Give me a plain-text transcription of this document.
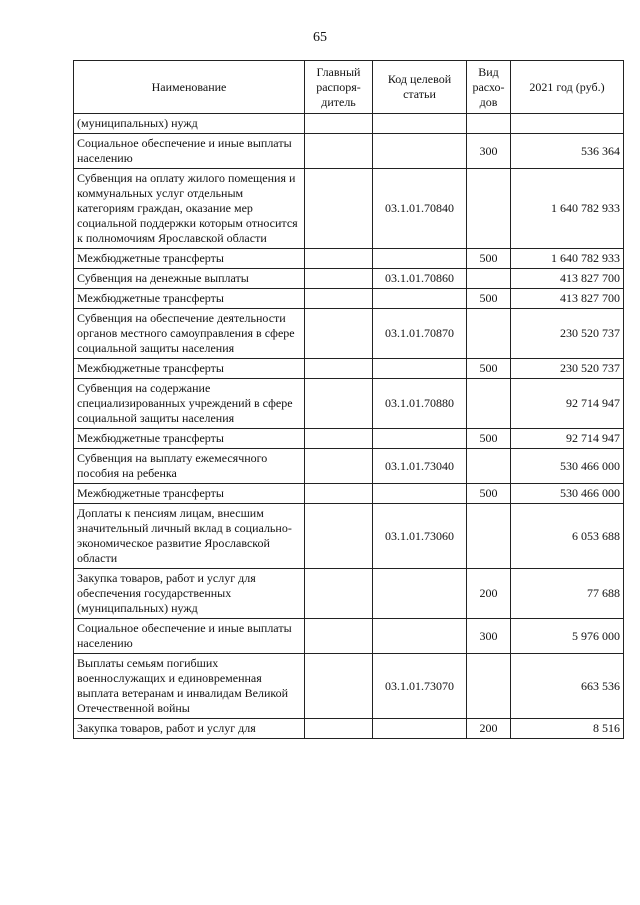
65
Наименование	Главный распоря- дитель	Код целевой статьи	Вид расхо- дов	2021 год (руб.)
(муниципальных) нужд				
Социальное обеспечение и иные выплаты населению			300	536 364
Субвенция на оплату жилого помещения и коммунальных услуг отдельным категориям граждан, оказание мер социальной поддержки которым относится к полномочиям Ярославской области		03.1.01.70840		1 640 782 933
Межбюджетные трансферты			500	1 640 782 933
Субвенция на денежные выплаты		03.1.01.70860		413 827 700
Межбюджетные трансферты			500	413 827 700
Субвенция на обеспечение деятельности органов местного самоуправления в сфере социальной защиты населения		03.1.01.70870		230 520 737
Межбюджетные трансферты			500	230 520 737
Субвенция на содержание специализированных учреждений в сфере социальной защиты населения		03.1.01.70880		92 714 947
Межбюджетные трансферты			500	92 714 947
Субвенция на выплату ежемесячного пособия на ребенка		03.1.01.73040		530 466 000
Межбюджетные трансферты			500	530 466 000
Доплаты к пенсиям лицам, внесшим значительный личный вклад в социально-экономическое развитие Ярославской области		03.1.01.73060		6 053 688
Закупка товаров, работ и услуг для обеспечения государственных (муниципальных) нужд			200	77 688
Социальное обеспечение и иные выплаты населению			300	5 976 000
Выплаты семьям погибших военнослужащих и единовременная выплата ветеранам и инвалидам Великой Отечественной войны		03.1.01.73070		663 536
Закупка товаров, работ и услуг для			200	8 516
